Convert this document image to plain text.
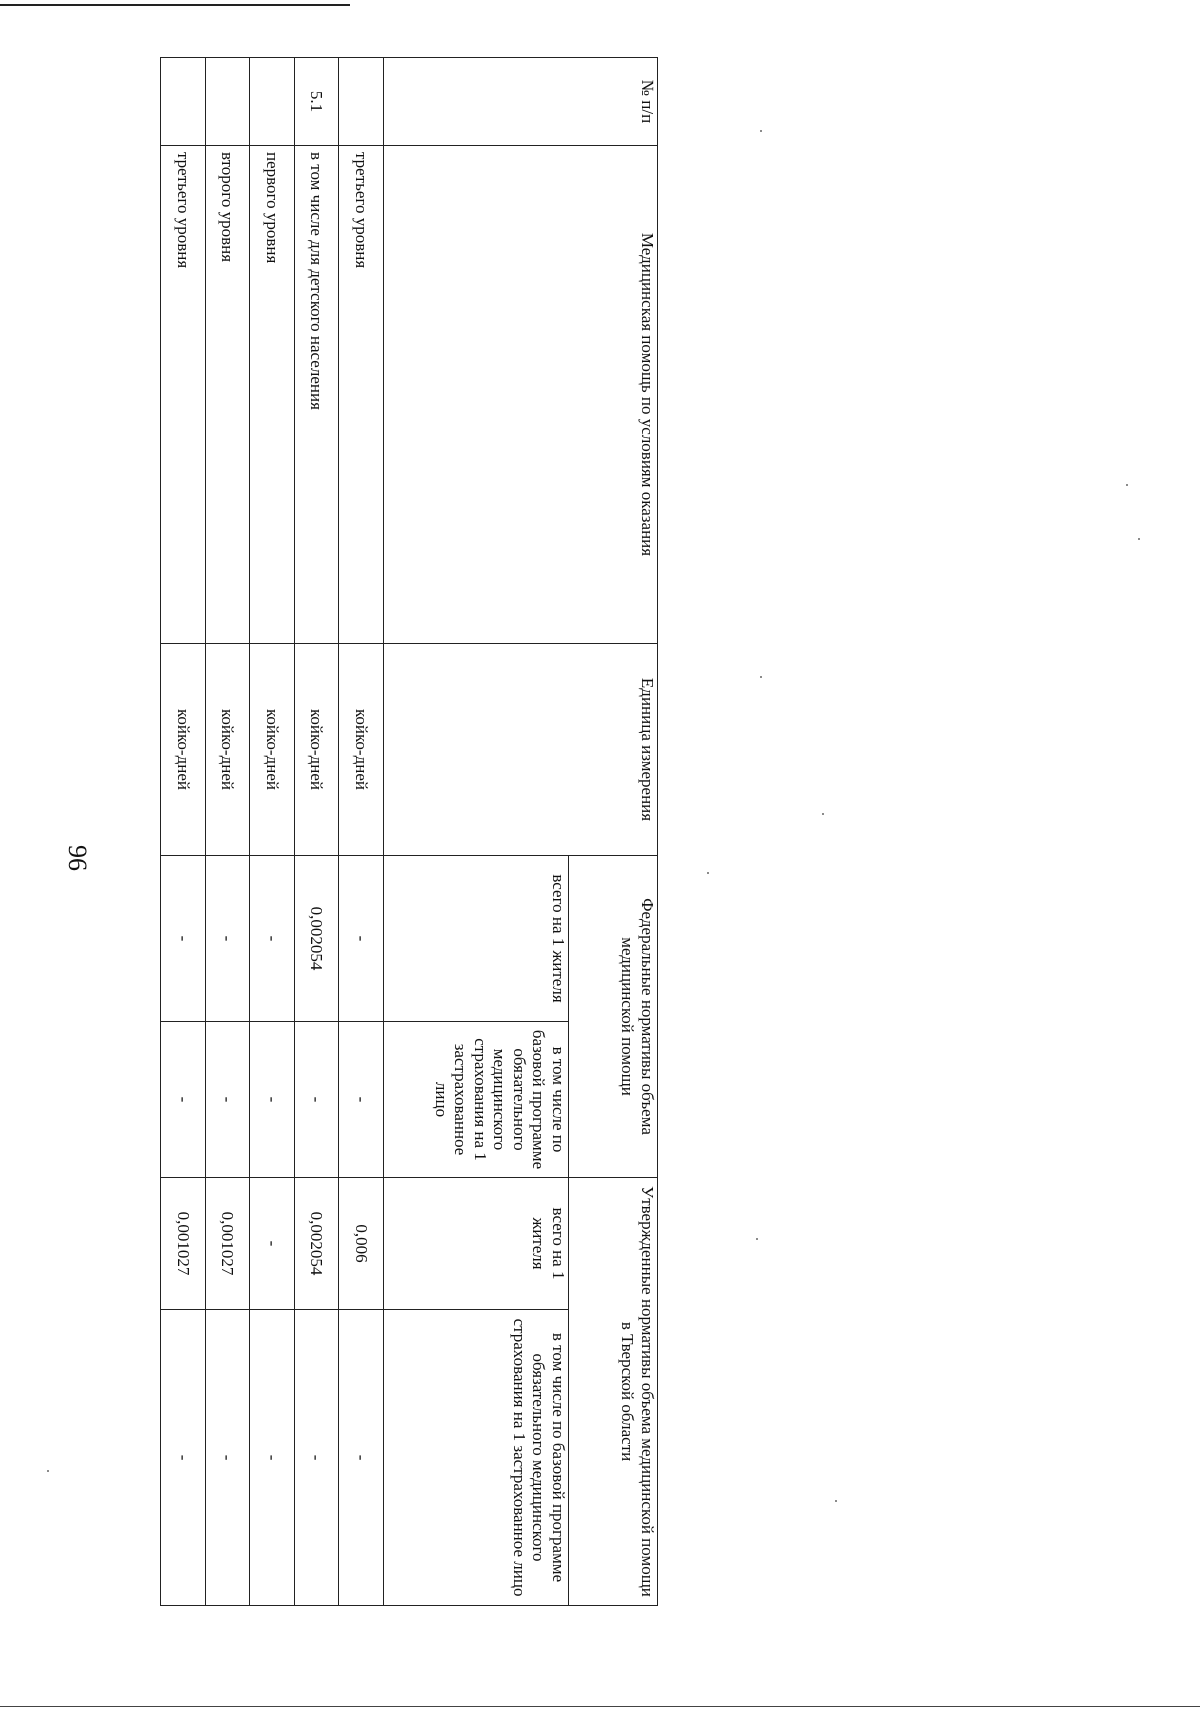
96
№ п/п	Медицинская помощь по условиям оказания	Единица измерения	Федеральные нормативы объема медицинской помощи		Утвержденные нормативы объема медицинской помощи в Тверской области	
			всего на 1 жителя	в том числе по базовой программе обязательного медицинского страхования на 1 застрахованное лицо	всего на 1 жителя	в том числе по базовой программе обязательного медицинского страхования на 1 застрахованное лицо
	третьего уровня	койко-дней	-	-	0,006	-
5.1	в том числе для детского населения	койко-дней	0,002054	-	0,002054	-
	первого уровня	койко-дней	-	-	-	-
	второго уровня	койко-дней	-	-	0,001027	-
	третьего уровня	койко-дней	-	-	0,001027	-
